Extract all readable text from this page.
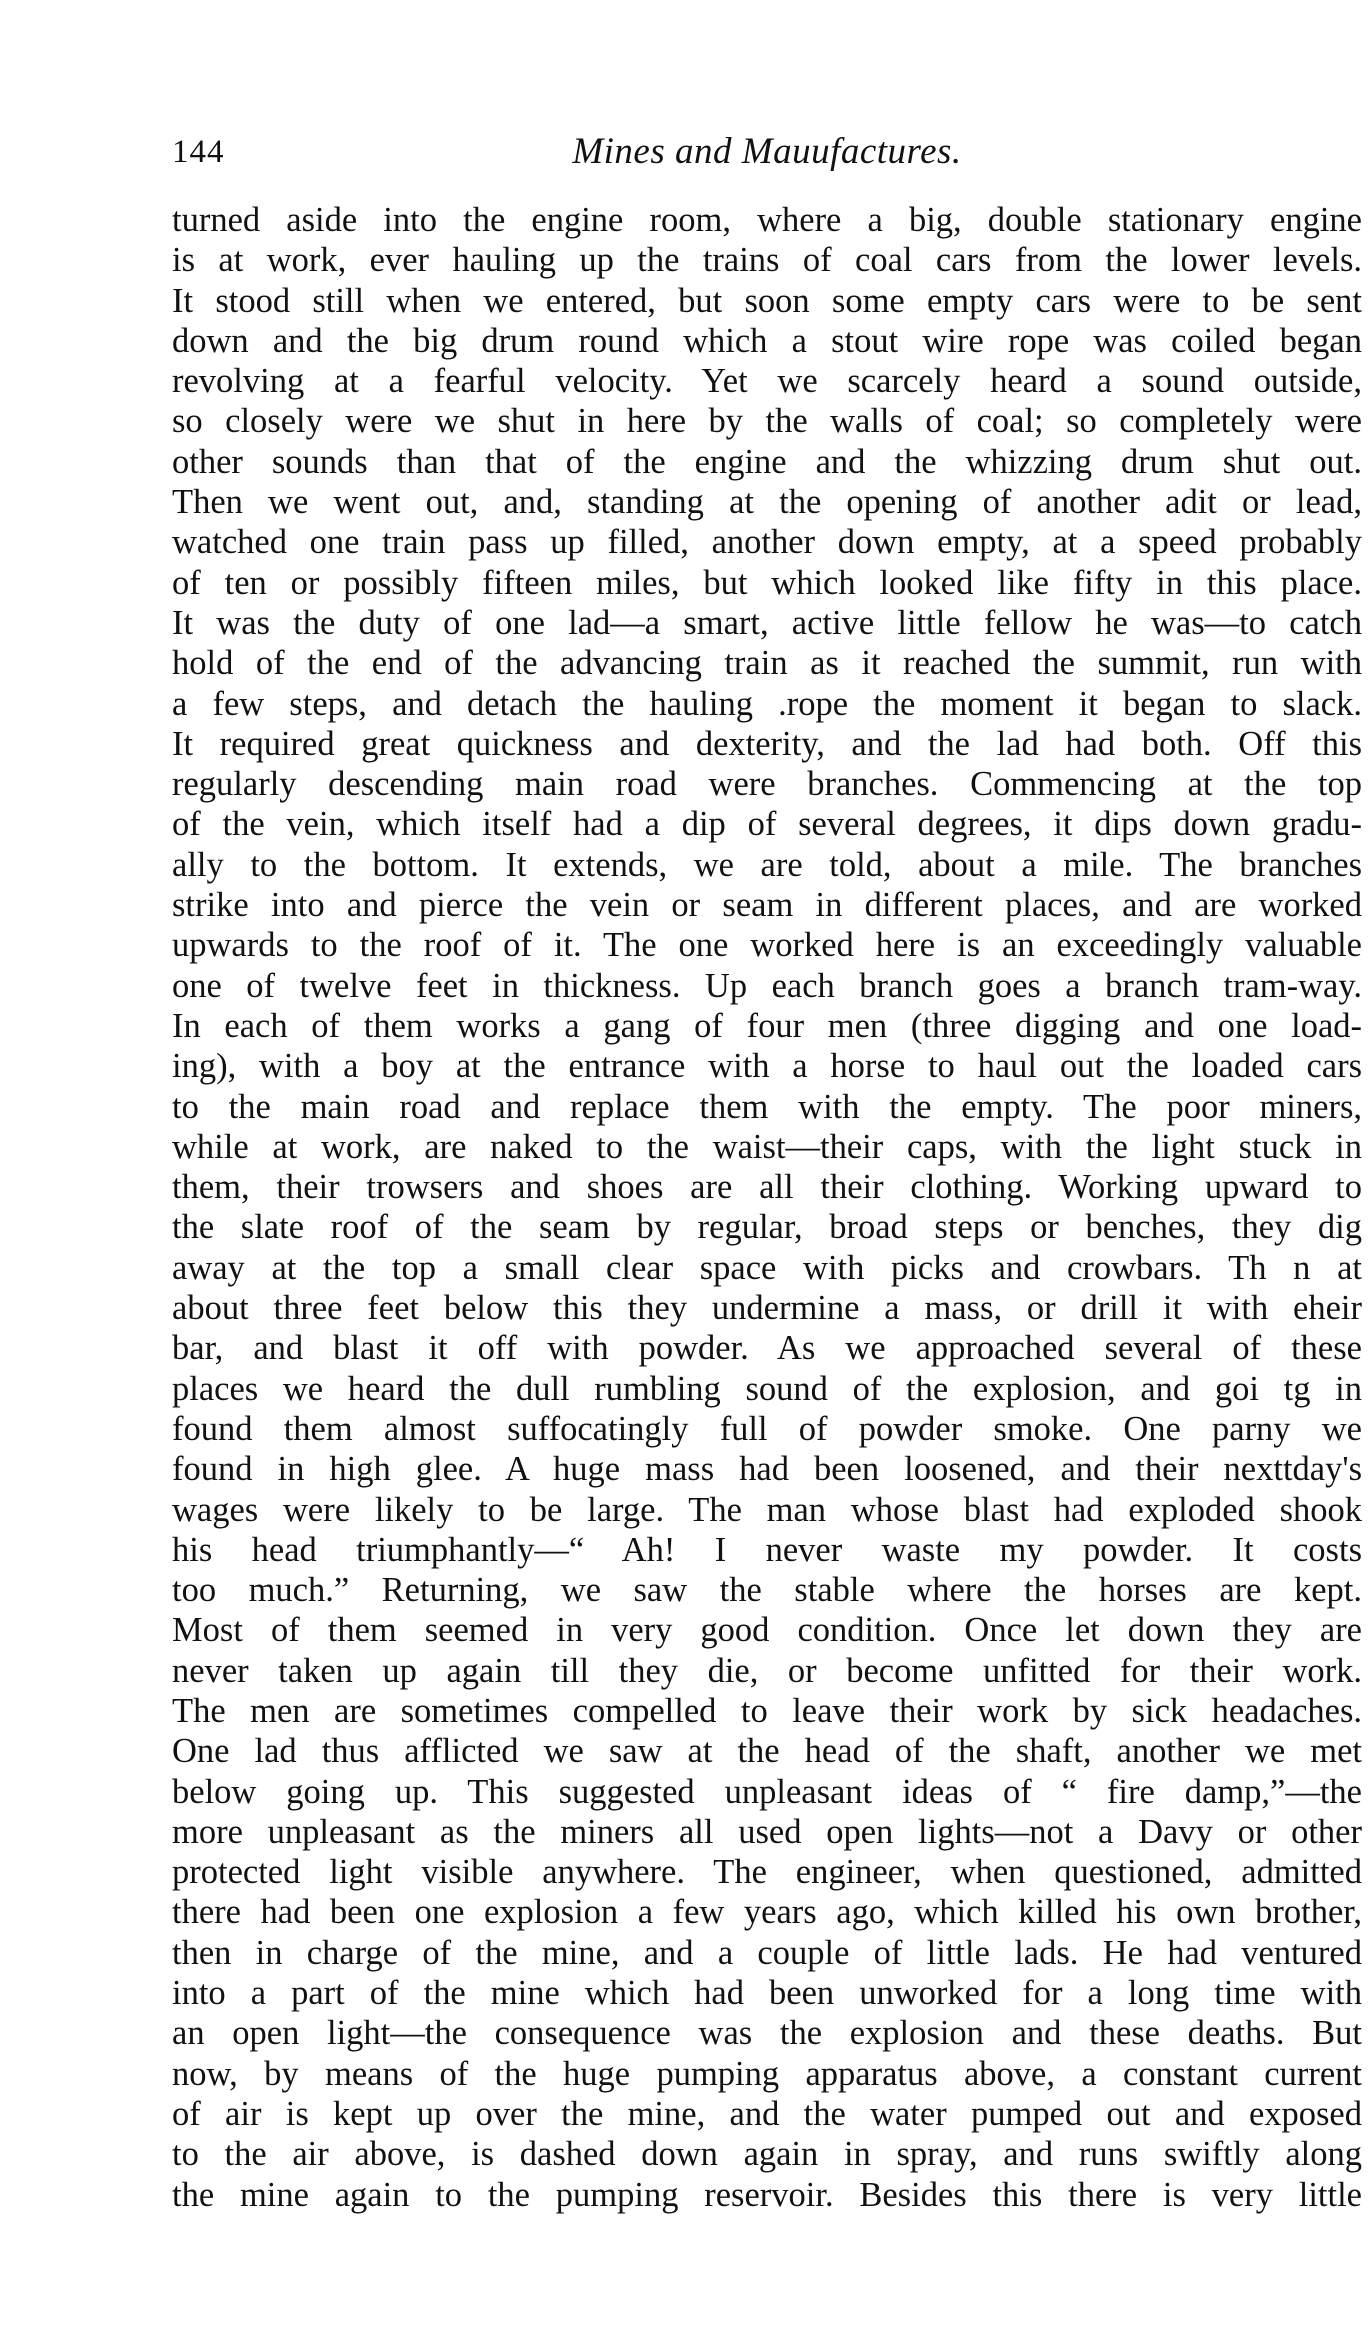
144	Mines and Mauufactures.
turned aside into the engine room, where a big, double stationary engine
is at work, ever hauling up the trains of coal cars from the lower levels.
It stood still when we entered, but soon some empty cars were to be sent
down and the big drum round which a stout wire rope was coiled began
revolving at a fearful velocity. Yet we scarcely heard a sound outside,
so closely were we shut in here by the walls of coal; so completely were
other sounds than that of the engine and the whizzing drum shut out.
Then we went out, and, standing at the opening of another adit or lead,
watched one train pass up filled, another down empty, at a speed probably
of ten or possibly fifteen miles, but which looked like fifty in this place.
It was the duty of one lad—a smart, active little fellow he was—to catch
hold of the end of the advancing train as it reached the summit, run with
a few steps, and detach the hauling .rope the moment it began to slack.
It required great quickness and dexterity, and the lad had both. Off this
regularly descending main road were branches. Commencing at the top
of the vein, which itself had a dip of several degrees, it dips down gradu-
ally to the bottom. It extends, we are told, about a mile. The branches
strike into and pierce the vein or seam in different places, and are worked
upwards to the roof of it. The one worked here is an exceedingly valuable
one of twelve feet in thickness. Up each branch goes a branch tram-way.
In each of them works a gang of four men (three digging and one load-
ing), with a boy at the entrance with a horse to haul out the loaded cars
to the main road and replace them with the empty. The poor miners,
while at work, are naked to the waist—their caps, with the light stuck in
them, their trowsers and shoes are all their clothing. Working upward to
the slate roof of the seam by regular, broad steps or benches, they dig
away at the top a small clear space with picks and crowbars. Th n at
about three feet below this they undermine a mass, or drill it with eheir
bar, and blast it off with powder. As we approached several of these
places we heard the dull rumbling sound of the explosion, and goi tg in
found them almost suffocatingly full of powder smoke. One parny we
found in high glee. A huge mass had been loosened, and their nexttday's
wages were likely to be large. The man whose blast had exploded shook
his head triumphantly—“ Ah! I never waste my powder. It costs
too much.” Returning, we saw the stable where the horses are kept.
Most of them seemed in very good condition. Once let down they are
never taken up again till they die, or become unfitted for their work.
The men are sometimes compelled to leave their work by sick headaches.
One lad thus afflicted we saw at the head of the shaft, another we met
below going up. This suggested unpleasant ideas of “ fire damp,”—the
more unpleasant as the miners all used open lights—not a Davy or other
protected light visible anywhere. The engineer, when questioned, admitted
there had been one explosion a few years ago, which killed his own brother,
then in charge of the mine, and a couple of little lads. He had ventured
into a part of the mine which had been unworked for a long time with
an open light—the consequence was the explosion and these deaths. But
now, by means of the huge pumping apparatus above, a constant current
of air is kept up over the mine, and the water pumped out and exposed
to the air above, is dashed down again in spray, and runs swiftly along
the mine again to the pumping reservoir. Besides this there is very little
